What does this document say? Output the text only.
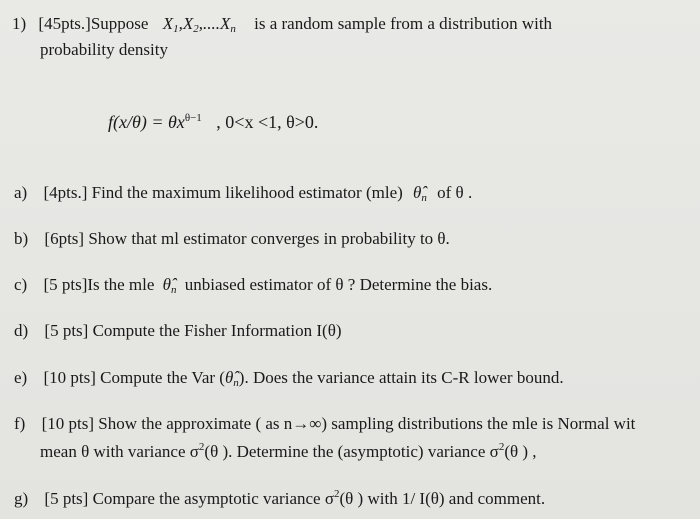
1) [45pts.]Suppose $X_1,X_2,....X_n$ is a random sample from a distribution with
probability density
$f(x/\theta) = \theta x^{\theta-1}$ , 0<x <1, θ>0.
a) [4pts.] Find the maximum likelihood estimator (mle) $\thetâ_n$ of θ .
b) [6pts] Show that ml estimator converges in probability to θ.
c) [5 pts]Is the mle $\thetâ_n$ unbiased estimator of θ ? Determine the bias.
d) [5 pts] Compute the Fisher Information I(θ)
e) [10 pts] Compute the Var $(\thetâ_n)$. Does the variance attain its C-R lower bound.
f) [10 pts] Show the approximate ( as n→∞) sampling distributions the mle is Normal wit
mean θ with variance $\sigma^2(\theta$ ). Determine the (asymptotic) variance $\sigma^2(\theta$ ) ,
g) [5 pts] Compare the asymptotic variance $\sigma^2(\theta$ ) with 1/ I(θ) and comment.
